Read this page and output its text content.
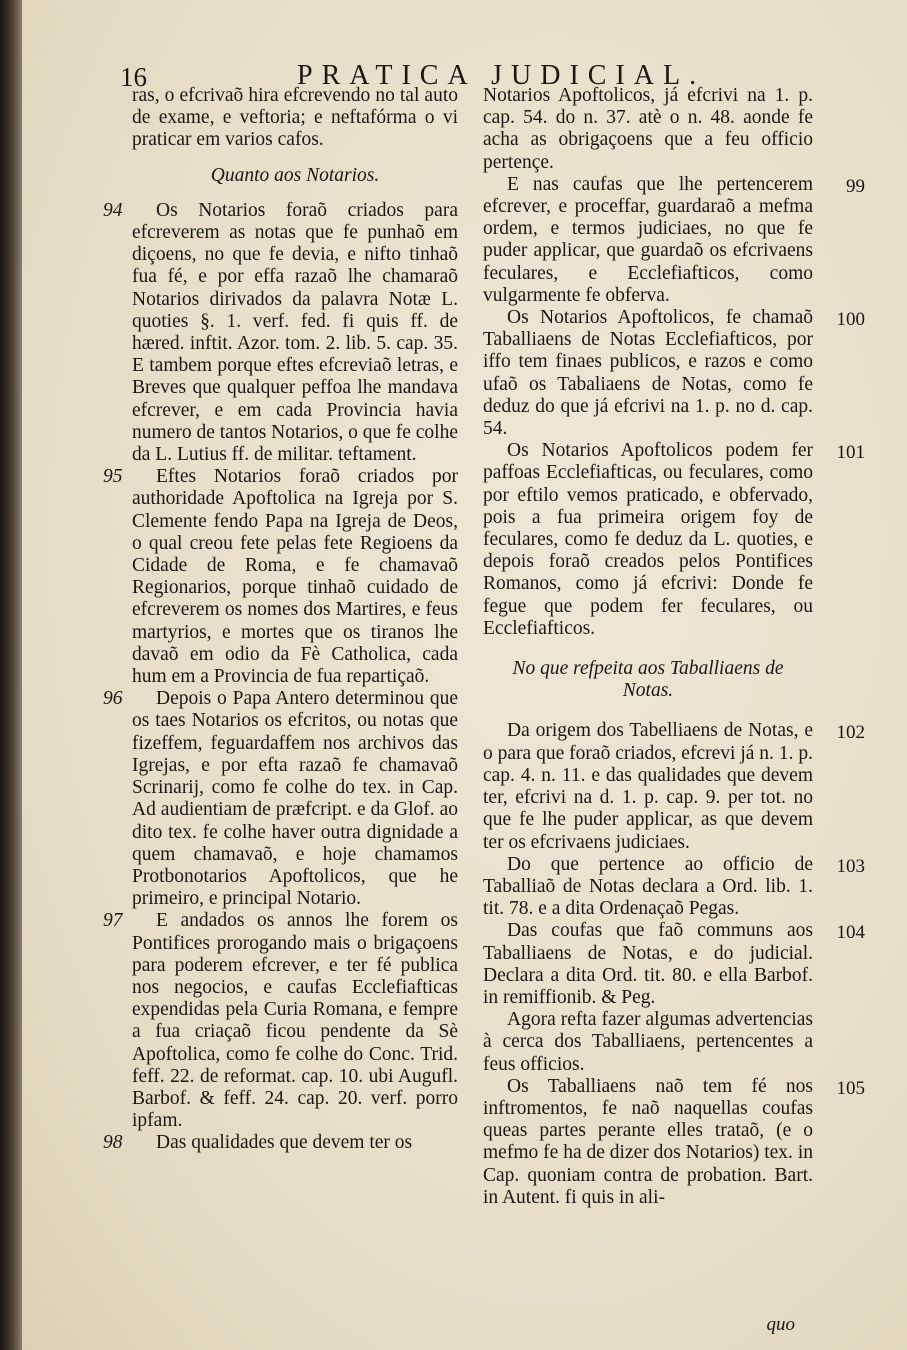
16	PRATICA JUDICIAL.

ras, o efcrivaõ hira efcrevendo no tal auto de exame, e veftoria; e neftafórma o vi praticar em varios cafos.

Quanto aos Notarios.

94 Os Notarios foraõ criados para efcreverem as notas que fe punhaõ em diçoens, no que fe devia, e nifto tinhaõ fua fé, e por effa razaõ lhe chamaraõ Notarios dirivados da palavra Notæ L. quoties §. 1. verf. fed. fi quis ff. de hæred. inftit. Azor. tom. 2. lib. 5. cap. 35. E tambem porque eftes efcreviaõ letras, e Breves que qualquer peffoa lhe mandava efcrever, e em cada Provincia havia numero de tantos Notarios, o que fe colhe da L. Lutius ff. de militar. teftament.

95 Eftes Notarios foraõ criados por authoridade Apoftolica na Igreja por S. Clemente fendo Papa na Igreja de Deos, o qual creou fete pelas fete Regioens da Cidade de Roma, e fe chamavaõ Regionarios, porque tinhaõ cuidado de efcreverem os nomes dos Martires, e feus martyrios, e mortes que os tiranos lhe davaõ em odio da Fè Catholica, cada hum em a Provincia de fua repartiçaõ.

96 Depois o Papa Antero determinou que os taes Notarios os efcritos, ou notas que fizeffem, feguardaffem nos archivos das Igrejas, e por efta razaõ fe chamavaõ Scrinarij, como fe colhe do tex. in Cap. Ad audientiam de præfcript. e da Glof. ao dito tex. fe colhe haver outra dignidade a quem chamavaõ, e hoje chamamos Protbonotarios Apoftolicos, que he primeiro, e principal Notario.

97 E andados os annos lhe forem os Pontifices prorogando mais o brigaçoens para poderem efcrever, e ter fé publica nos negocios, e caufas Ecclefiafticas expendidas pela Curia Romana, e fempre a fua criaçaõ ficou pendente da Sè Apoftolica, como fe colhe do Conc. Trid. feff. 22. de reformat. cap. 10. ubi Augufl. Barbof. & feff. 24. cap. 20. verf. porro ipfam.

98 Das qualidades que devem ter os

Notarios Apoftolicos, já efcrivi na 1. p. cap. 54. do n. 37. atè o n. 48. aonde fe acha as obrigaçoens que a feu officio pertençe.

99
E nas caufas que lhe pertencerem efcrever, e proceffar, guardaraõ a mefma ordem, e termos judiciaes, no que fe puder applicar, que guardaõ os efcrivaens feculares, e Ecclefiafticos, como vulgarmente fe obferva.

100
Os Notarios Apoftolicos, fe chamaõ Taballiaens de Notas Ecclefiafticos, por iffo tem finaes publicos, e razos e como ufaõ os Tabaliaens de Notas, como fe deduz do que já efcrivi na 1. p. no d. cap. 54.

101
Os Notarios Apoftolicos podem fer paffoas Ecclefiafticas, ou feculares, como por eftilo vemos praticado, e obfervado, pois a fua primeira origem foy de feculares, como fe deduz da L. quoties, e depois foraõ creados pelos Pontifices Romanos, como já efcrivi: Donde fe fegue que podem fer feculares, ou Ecclefiafticos.

No que refpeita aos Taballiaens de
Notas.

102
Da origem dos Tabelliaens de Notas, e o para que foraõ criados, efcrevi já n. 1. p. cap. 4. n. 11. e das qualidades que devem ter, efcrivi na d. 1. p. cap. 9. per tot. no que fe lhe puder applicar, as que devem ter os efcrivaens judiciaes.

103
Do que pertence ao officio de Taballiaõ de Notas declara a Ord. lib. 1. tit. 78. e a dita Ordenaçaõ Pegas.

104
Das coufas que faõ communs aos Taballiaens de Notas, e do judicial. Declara a dita Ord. tit. 80. e ella Barbof. in remiffionib. & Peg.

Agora refta fazer algumas advertencias à cerca dos Taballiaens, pertencentes a feus officios.

105
Os Taballiaens naõ tem fé nos inftromentos, fe naõ naquellas coufas queas partes perante elles trataõ, (e o mefmo fe ha de dizer dos Notarios) tex. in Cap. quoniam contra de probation. Bart. in Autent. fi quis in ali-

quo
